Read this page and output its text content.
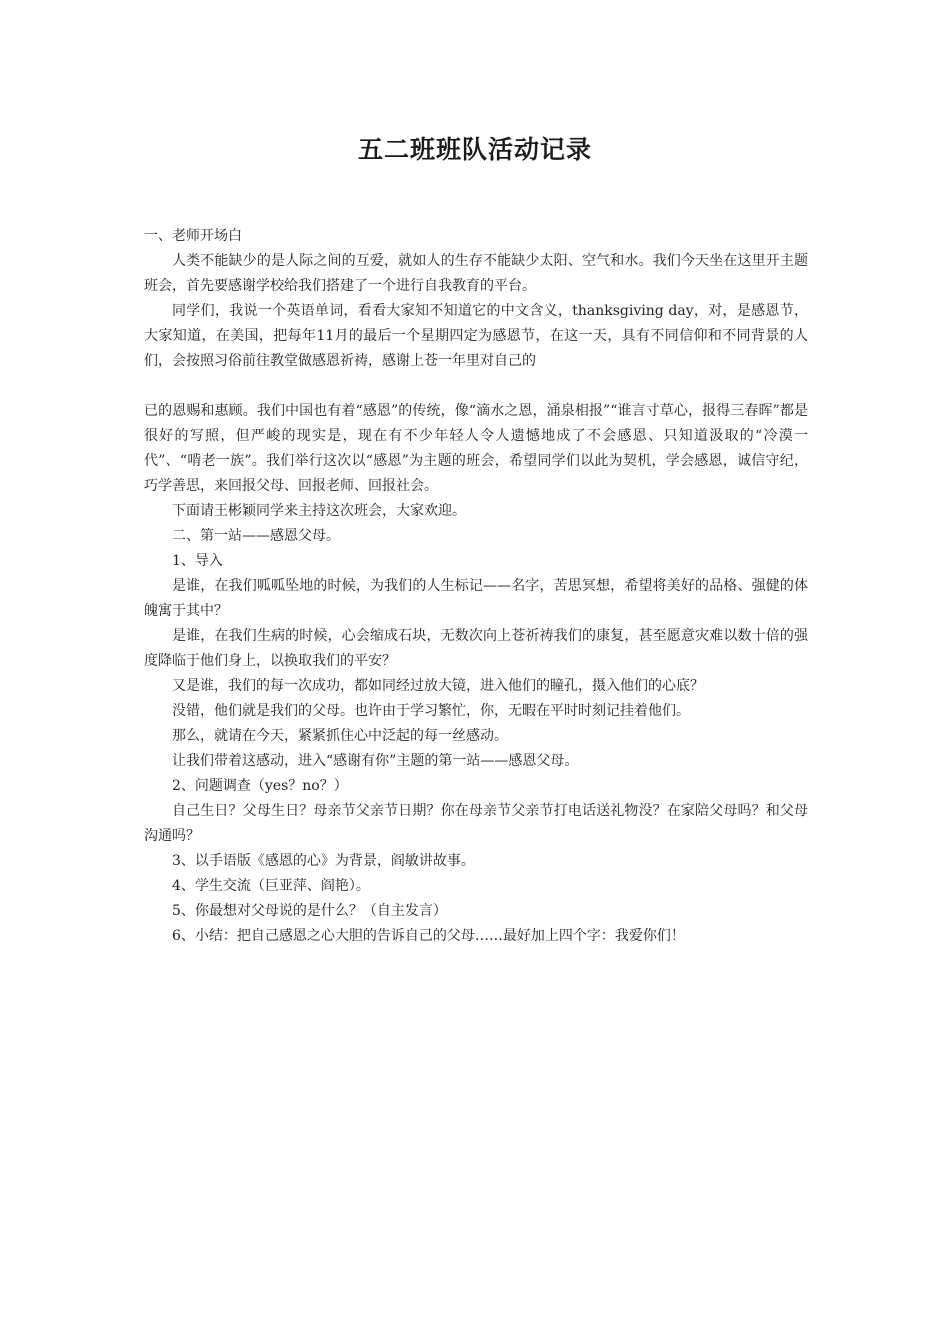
五二班班队活动记录

一、老师开场白

人类不能缺少的是人际之间的互爱，就如人的生存不能缺少太阳、空气和水。我们今天坐在这里开主题班会，首先要感谢学校给我们搭建了一个进行自我教育的平台。

同学们，我说一个英语单词，看看大家知不知道它的中文含义，thanksgiving day，对，是感恩节，大家知道，在美国，把每年11月的最后一个星期四定为感恩节，在这一天，具有不同信仰和不同背景的人们，会按照习俗前往教堂做感恩祈祷，感谢上苍一年里对自己的

已的恩赐和惠顾。我们中国也有着“感恩”的传统，像“滴水之恩，涌泉相报”“谁言寸草心，报得三春晖”都是很好的写照，但严峻的现实是，现在有不少年轻人令人遗憾地成了不会感恩、只知道汲取的“冷漠一代”、“啃老一族”。我们举行这次以“感恩”为主题的班会，希望同学们以此为契机，学会感恩，诚信守纪，巧学善思，来回报父母、回报老师、回报社会。

下面请王彬颖同学来主持这次班会，大家欢迎。

二、第一站——感恩父母。

1、导入

是谁，在我们呱呱坠地的时候，为我们的人生标记——名字，苦思冥想，希望将美好的品格、强健的体魄寓于其中？

是谁，在我们生病的时候，心会缩成石块，无数次向上苍祈祷我们的康复，甚至愿意灾难以数十倍的强度降临于他们身上，以换取我们的平安？

又是谁，我们的每一次成功，都如同经过放大镜，进入他们的瞳孔，摄入他们的心底？

没错，他们就是我们的父母。也许由于学习繁忙，你，无暇在平时时刻记挂着他们。

那么，就请在今天，紧紧抓住心中泛起的每一丝感动。

让我们带着这感动，进入“感谢有你”主题的第一站——感恩父母。

2、问题调查（yes？no？）

自己生日？父母生日？母亲节父亲节日期？你在母亲节父亲节打电话送礼物没？在家陪父母吗？和父母沟通吗？

3、以手语版《感恩的心》为背景，阎敏讲故事。

4、学生交流（巨亚萍、阎艳）。

5、你最想对父母说的是什么？（自主发言）

6、小结：把自己感恩之心大胆的告诉自己的父母……最好加上四个字：我爱你们！
